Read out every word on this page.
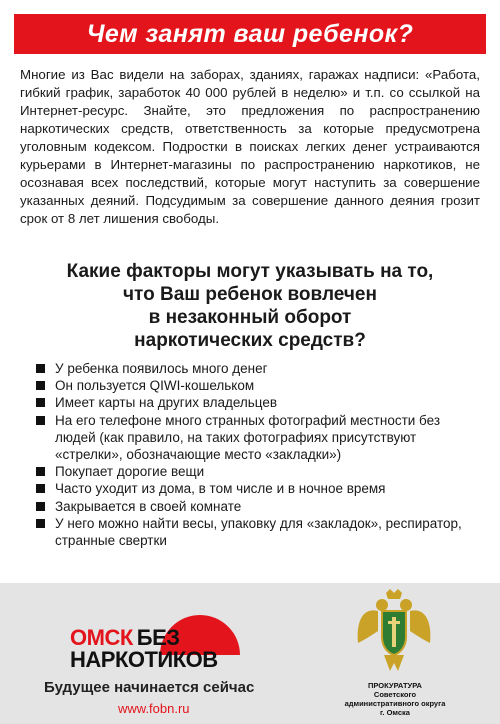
Чем занят ваш ребенок?

Многие из Вас видели на заборах, зданиях, гаражах надписи: «Работа, гибкий график, заработок 40 000 рублей в неделю» и т.п. со ссылкой на Интернет-ресурс. Знайте, это предложения по распространению наркотических средств, ответственность за которые предусмотрена уголовным кодексом. Подростки в поисках легких денег устраиваются курьерами в Интернет-магазины по распространению наркотиков, не осознавая всех последствий, которые могут наступить за совершение указанных деяний. Подсудимым за совершение данного деяния грозит срок от 8 лет лишения свободы.

Какие факторы могут указывать на то,
что Ваш ребенок вовлечен
в незаконный оборот
наркотических средств?
У ребенка появилось много денег
Он пользуется QIWI-кошельком
Имеет карты на других владельцев
На его телефоне много странных фотографий местности без людей (как правило, на таких фотографиях присутствуют «стрелки», обозначающие место «закладки»)
Покупает дорогие вещи
Часто уходит из дома, в том числе и в ночное время
Закрывается в своей комнате
У него можно найти весы, упаковку для «закладок», респиратор, странные свертки
ОМСК БЕЗ
НАРКОТИКОВ
Будущее начинается сейчас
www.fobn.ru
ПРОКУРАТУРА
Советского
административного округа
г. Омска
